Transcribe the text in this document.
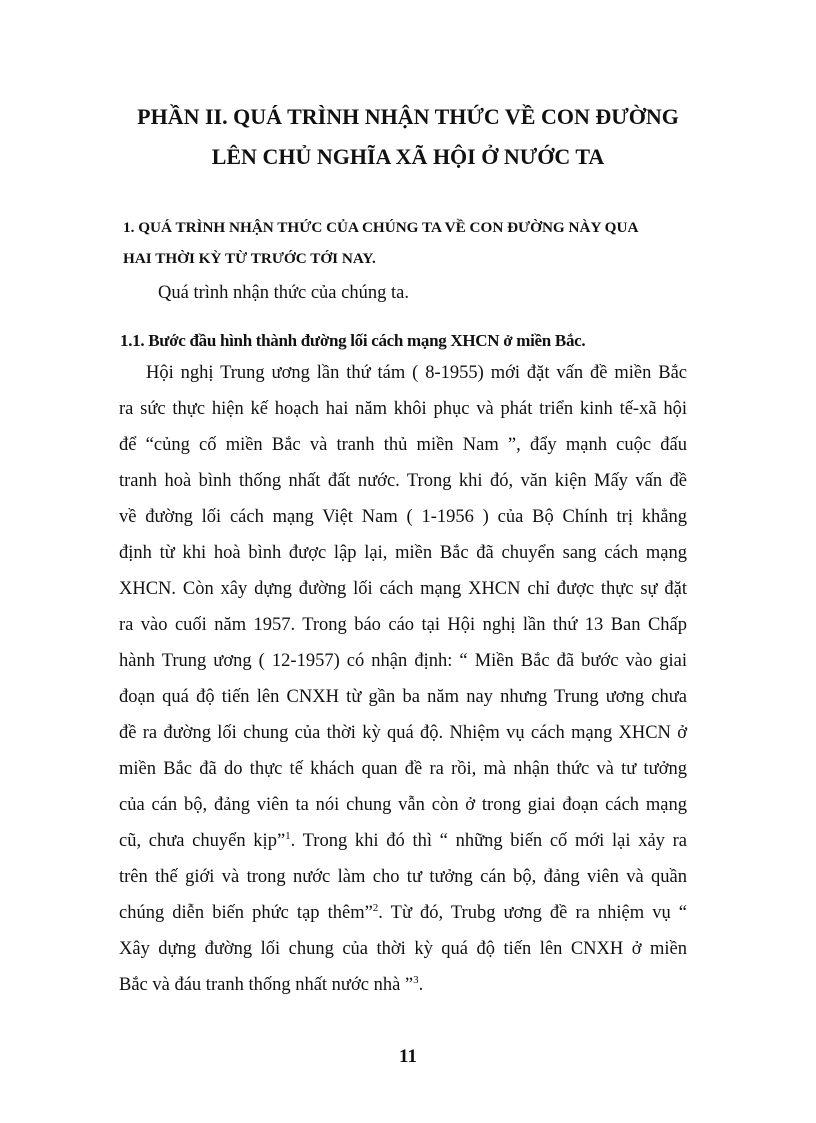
PHẦN II. QUÁ TRÌNH NHẬN THỨC VỀ CON ĐƯỜNG
LÊN CHỦ NGHĨA XÃ HỘI Ở NƯỚC TA
1. QUÁ TRÌNH NHẬN THỨC CỦA CHÚNG TA VỀ CON ĐƯỜNG NÀY QUA
HAI THỜI KỲ TỪ TRƯỚC TỚI NAY.

Quá trình nhận thức của chúng ta.

1.1. Bước đầu hình thành đường lối cách mạng XHCN ở miền Bắc.
Hội nghị Trung ương lần thứ tám ( 8-1955) mới đặt vấn đề miền Bắc
ra sức thực hiện kế hoạch hai năm khôi phục và phát triển kinh tế-xã hội
để “củng cố miền Bắc và tranh thủ miền Nam ”, đẩy mạnh cuộc đấu
tranh hoà bình thống nhất đất nước. Trong khi đó, văn kiện Mấy vấn đề
về đường lối cách mạng Việt Nam ( 1-1956 ) của Bộ Chính trị khẳng
định từ khi hoà bình được lập lại, miền Bắc đã chuyển sang cách mạng
XHCN. Còn xây dựng đường lối cách mạng XHCN chỉ được thực sự đặt
ra vào cuối năm 1957. Trong báo cáo tại Hội nghị lần thứ 13 Ban Chấp
hành Trung ương ( 12-1957) có nhận định: “ Miền Bắc đã bước vào giai
đoạn quá độ tiến lên CNXH từ gần ba năm nay nhưng Trung ương chưa
đề ra đường lối chung của thời kỳ quá độ. Nhiệm vụ cách mạng XHCN ở
miền Bắc đã do thực tế khách quan đề ra rồi, mà nhận thức và tư tưởng
của cán bộ, đảng viên ta nói chung vẫn còn ở trong giai đoạn cách mạng
cũ, chưa chuyển kịp”$^1$. Trong khi đó thì “ những biến cố mới lại xảy ra
trên thế giới và trong nước làm cho tư tưởng cán bộ, đảng viên và quần
chúng diễn biến phức tạp thêm”$^2$. Từ đó, Trubg ương đề ra nhiệm vụ “
Xây dựng đường lối chung của thời kỳ quá độ tiến lên CNXH ở miền
Bắc và đáu tranh thống nhất nước nhà ”$^3$.

11
